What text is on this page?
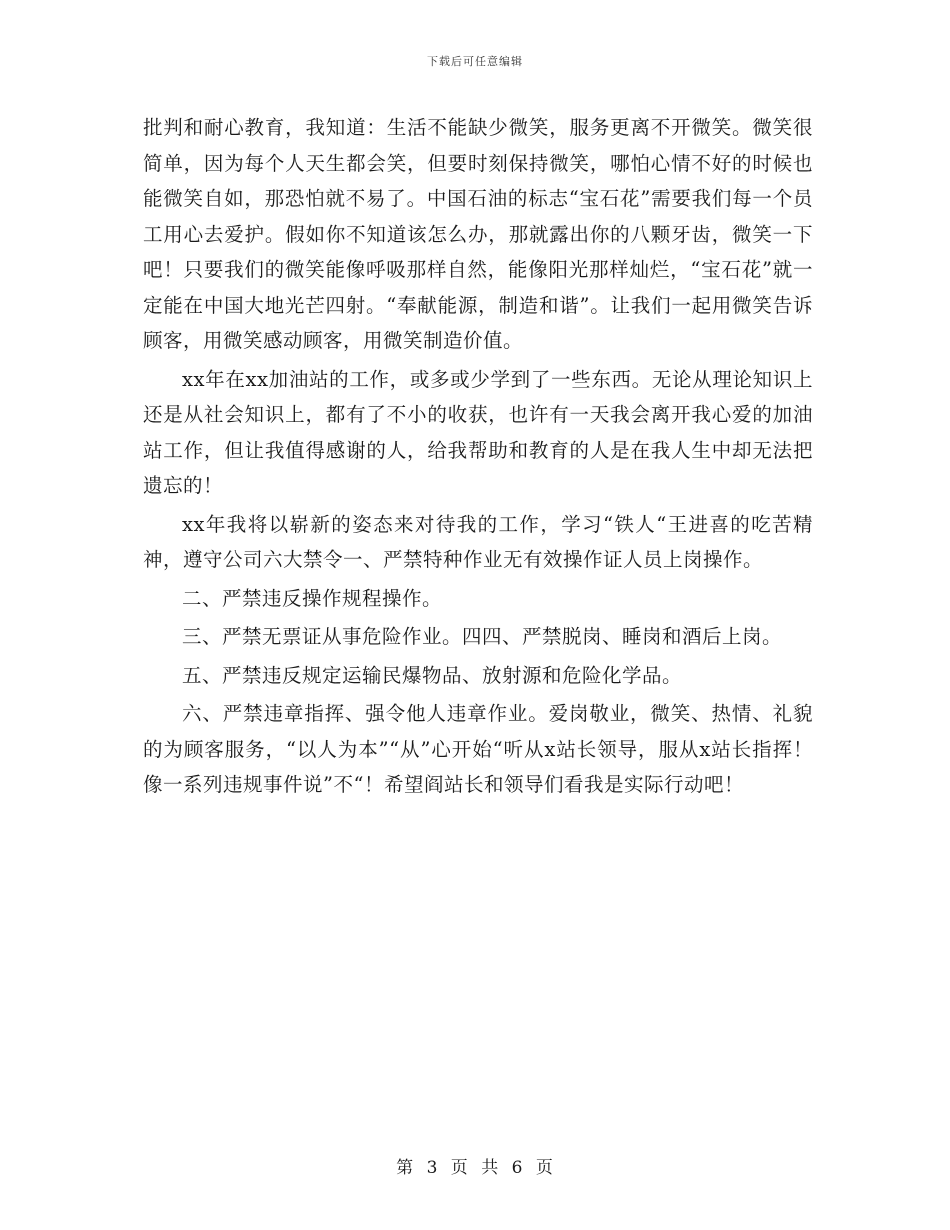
下载后可任意编辑

批判和耐心教育，我知道：生活不能缺少微笑，服务更离不开微笑。微笑很简单，因为每个人天生都会笑，但要时刻保持微笑，哪怕心情不好的时候也能微笑自如，那恐怕就不易了。中国石油的标志“宝石花”需要我们每一个员工用心去爱护。假如你不知道该怎么办，那就露出你的八颗牙齿，微笑一下吧！只要我们的微笑能像呼吸那样自然，能像阳光那样灿烂，“宝石花”就一定能在中国大地光芒四射。“奉献能源，制造和谐”。让我们一起用微笑告诉顾客，用微笑感动顾客，用微笑制造价值。

xx年在xx加油站的工作，或多或少学到了一些东西。无论从理论知识上还是从社会知识上，都有了不小的收获，也许有一天我会离开我心爱的加油站工作，但让我值得感谢的人，给我帮助和教育的人是在我人生中却无法把遗忘的！

xx年我将以崭新的姿态来对待我的工作，学习“铁人“王进喜的吃苦精神，遵守公司六大禁令一、严禁特种作业无有效操作证人员上岗操作。

二、严禁违反操作规程操作。

三、严禁无票证从事危险作业。四四、严禁脱岗、睡岗和酒后上岗。

五、严禁违反规定运输民爆物品、放射源和危险化学品。

六、严禁违章指挥、强令他人违章作业。爱岗敬业，微笑、热情、礼貌的为顾客服务，“以人为本”“从”心开始“听从x站长领导，服从x站长指挥！像一系列违规事件说”不“！希望阎站长和领导们看我是实际行动吧！

第 3 页 共 6 页
